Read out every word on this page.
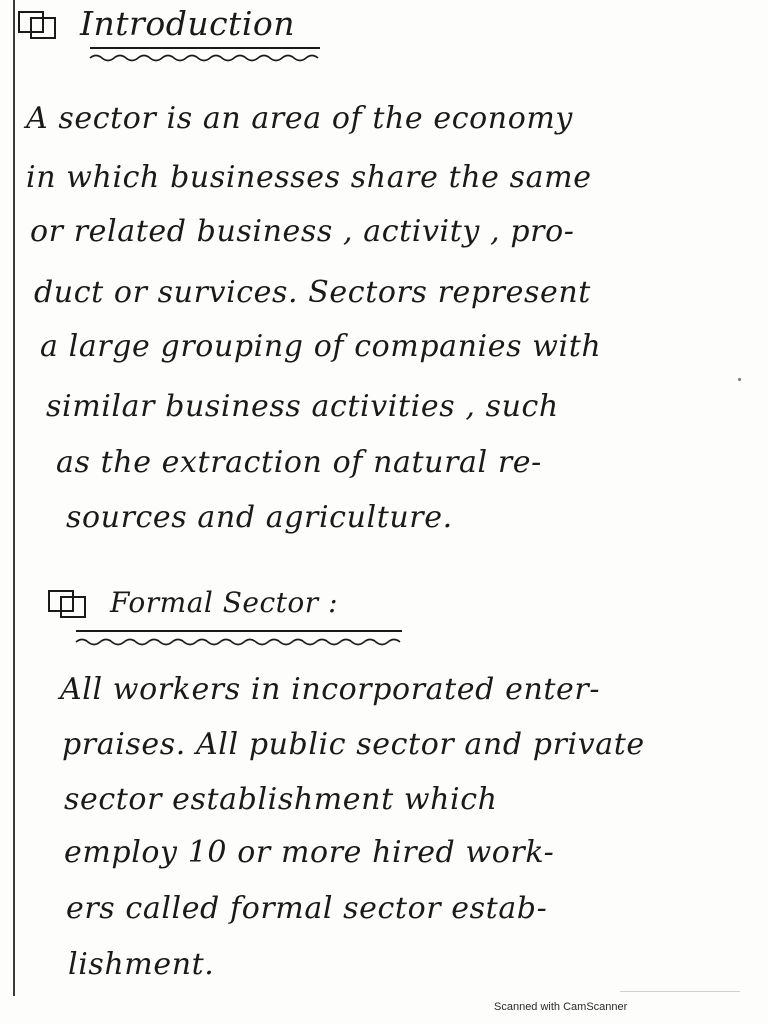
Introduction
A sector is an area of the economy
in which businesses share the same
or related business , activity , pro-
duct or survices. Sectors represent
a large grouping of companies with
similar business activities , such
as the extraction of natural re-
sources and agriculture.
Formal Sector :
All workers in incorporated enter-
praises. All public sector and private
sector establishment which
employ 10 or more hired work-
ers called formal sector estab-
lishment.
Scanned with CamScanner
